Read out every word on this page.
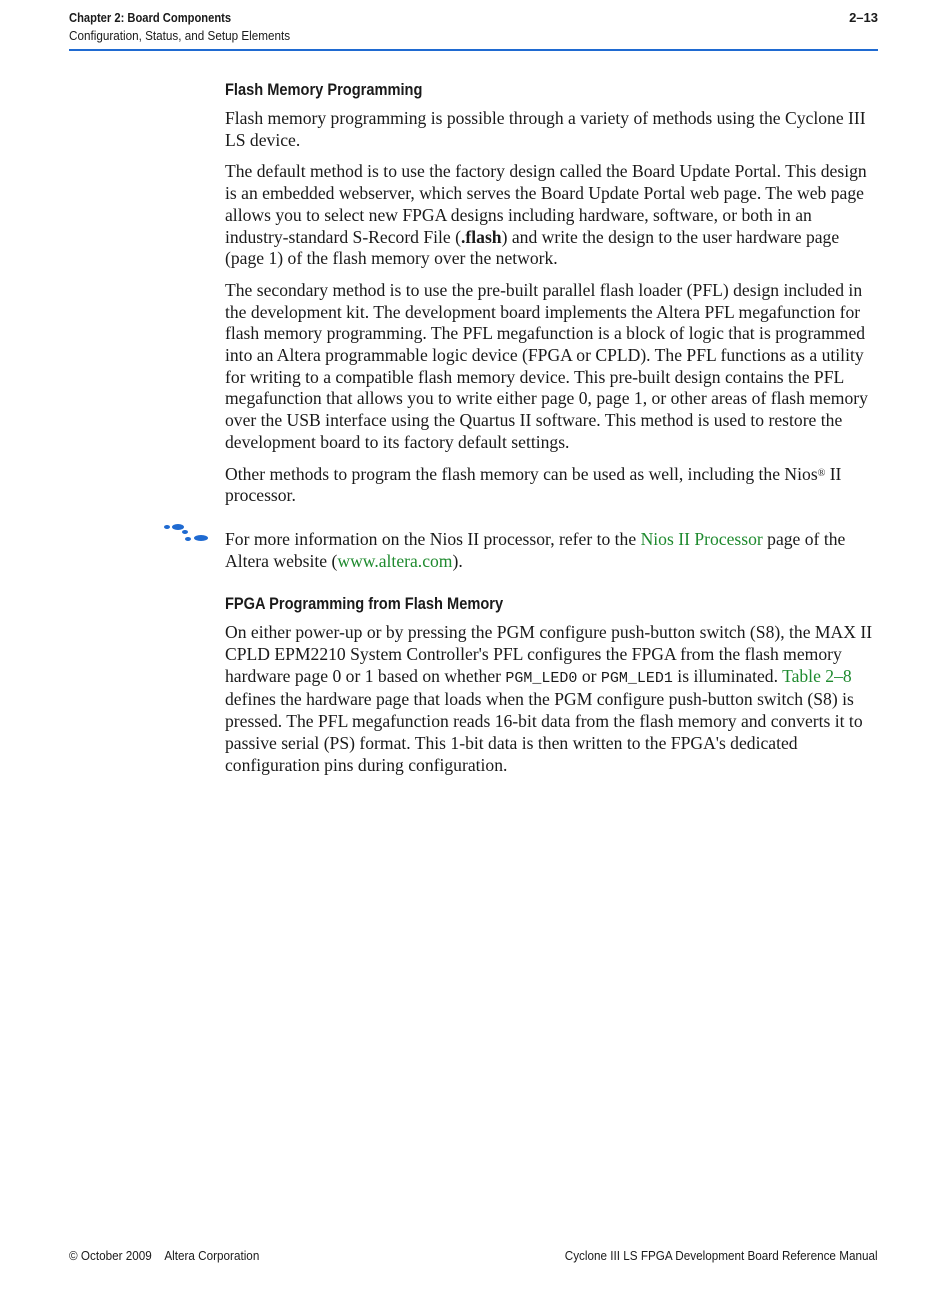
Chapter 2: Board Components
Configuration, Status, and Setup Elements
2–13
Flash Memory Programming

Flash memory programming is possible through a variety of methods using the Cyclone III LS device.

The default method is to use the factory design called the Board Update Portal. This design is an embedded webserver, which serves the Board Update Portal web page. The web page allows you to select new FPGA designs including hardware, software, or both in an industry-standard S-Record File (.flash) and write the design to the user hardware page (page 1) of the flash memory over the network.

The secondary method is to use the pre-built parallel flash loader (PFL) design included in the development kit. The development board implements the Altera PFL megafunction for flash memory programming. The PFL megafunction is a block of logic that is programmed into an Altera programmable logic device (FPGA or CPLD). The PFL functions as a utility for writing to a compatible flash memory device. This pre-built design contains the PFL megafunction that allows you to write either page 0, page 1, or other areas of flash memory over the USB interface using the Quartus II software. This method is used to restore the development board to its factory default settings.

Other methods to program the flash memory can be used as well, including the Nios® II processor.

For more information on the Nios II processor, refer to the Nios II Processor page of the Altera website (www.altera.com).

FPGA Programming from Flash Memory

On either power-up or by pressing the PGM configure push-button switch (S8), the MAX II CPLD EPM2210 System Controller's PFL configures the FPGA from the flash memory hardware page 0 or 1 based on whether PGM_LED0 or PGM_LED1 is illuminated. Table 2–8 defines the hardware page that loads when the PGM configure push-button switch (S8) is pressed. The PFL megafunction reads 16-bit data from the flash memory and converts it to passive serial (PS) format. This 1-bit data is then written to the FPGA's dedicated configuration pins during configuration.

© October 2009 Altera Corporation	Cyclone III LS FPGA Development Board Reference Manual
